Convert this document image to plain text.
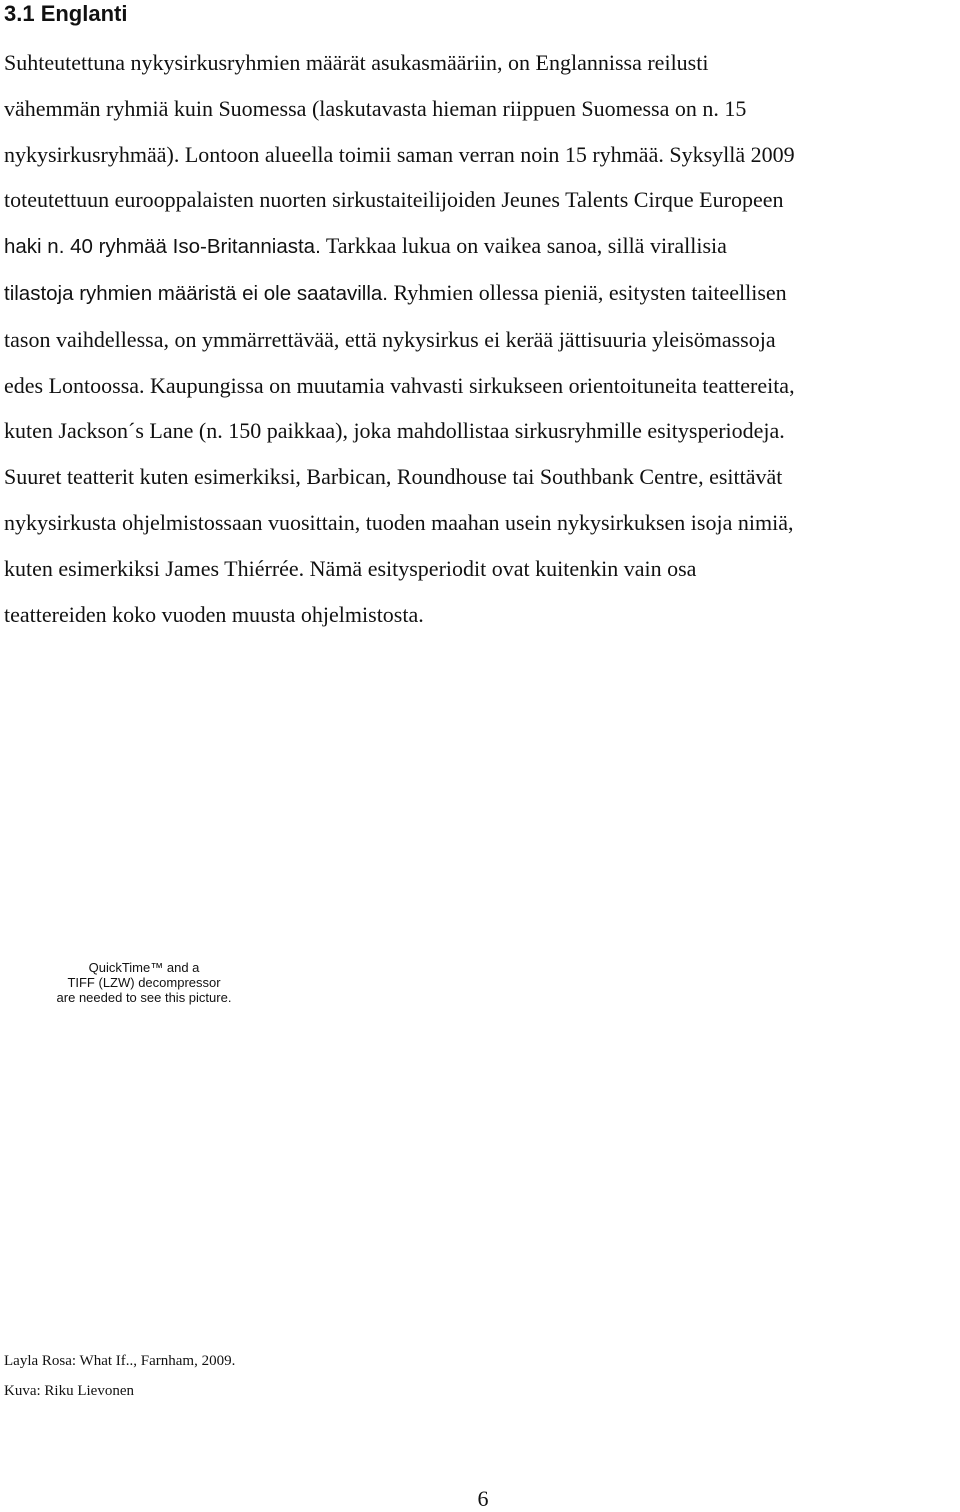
3.1 Englanti
Suhteutettuna nykysirkusryhmien määrät asukasmääriin, on Englannissa reilusti
vähemmän ryhmiä kuin Suomessa (laskutavasta hieman riippuen Suomessa on n. 15
nykysirkusryhmää). Lontoon alueella toimii saman verran noin 15 ryhmää. Syksyllä 2009
toteutettuun eurooppalaisten nuorten sirkustaiteilijoiden Jeunes Talents Cirque Europeen
haki n. 40 ryhmää Iso-Britanniasta. Tarkkaa lukua on vaikea sanoa, sillä virallisia
tilastoja ryhmien määristä ei ole saatavilla. Ryhmien ollessa pieniä, esitysten taiteellisen
tason vaihdellessa, on ymmärrettävää, että nykysirkus ei kerää jättisuuria yleisömassoja
edes Lontoossa. Kaupungissa on muutamia vahvasti sirkukseen orientoituneita teattereita,
kuten Jackson´s Lane (n. 150 paikkaa), joka mahdollistaa sirkusryhmille esitysperiodeja.
Suuret teatterit kuten esimerkiksi, Barbican, Roundhouse tai Southbank Centre, esittävät
nykysirkusta ohjelmistossaan vuosittain, tuoden maahan usein nykysirkuksen isoja nimiä,
kuten esimerkiksi James Thiérrée. Nämä esitysperiodit ovat kuitenkin vain osa
teattereiden koko vuoden muusta ohjelmistosta.
QuickTime™ and a
TIFF (LZW) decompressor
are needed to see this picture.
Layla Rosa: What If.., Farnham, 2009.
Kuva: Riku Lievonen
6
